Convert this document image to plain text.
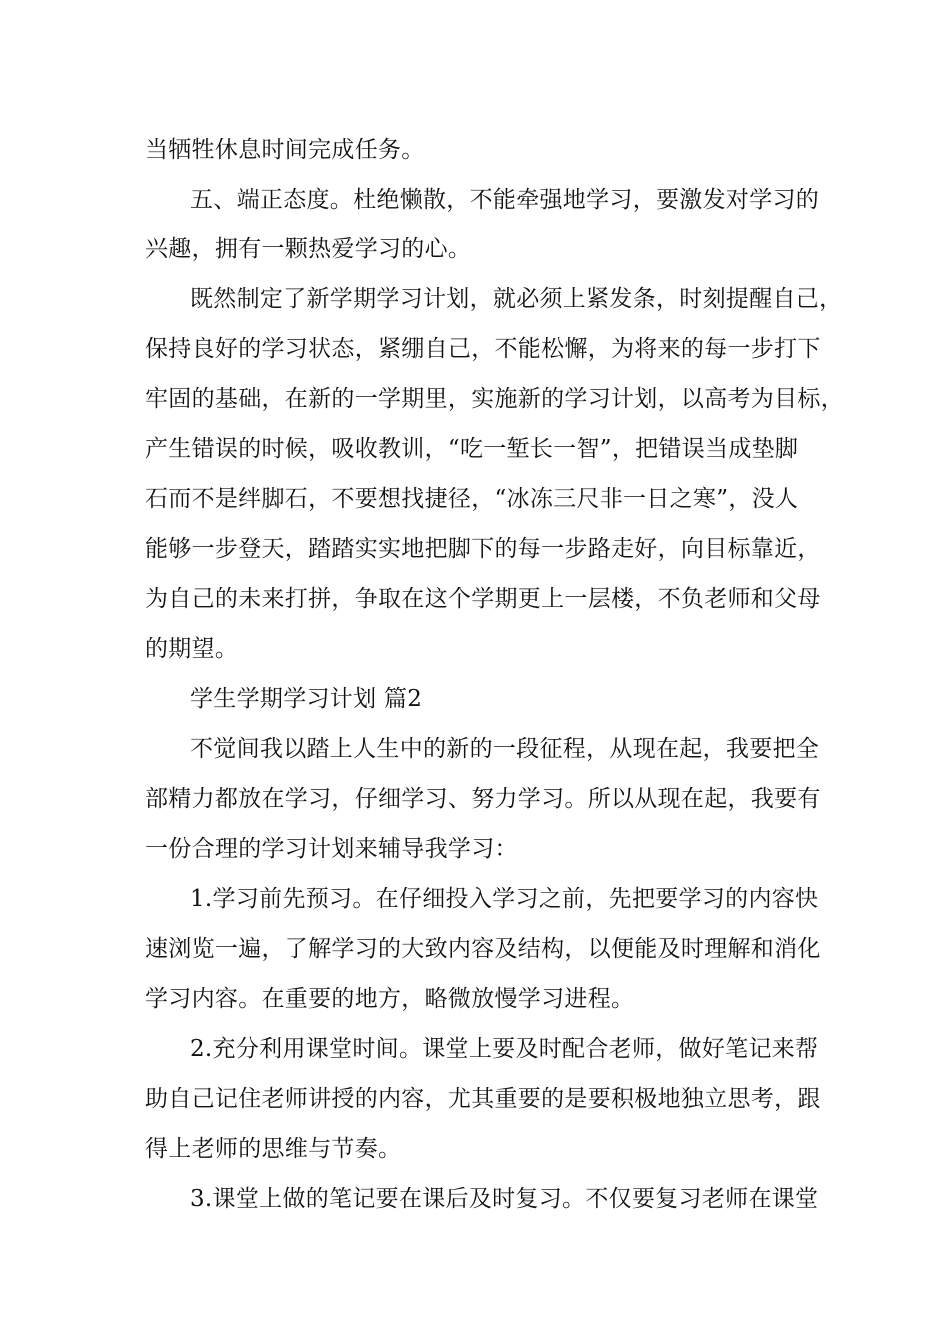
当牺牲休息时间完成任务。

五、端正态度。杜绝懒散，不能牵强地学习，要激发对学习的

兴趣，拥有一颗热爱学习的心。

既然制定了新学期学习计划，就必须上紧发条，时刻提醒自己，

保持良好的学习状态，紧绷自己，不能松懈，为将来的每一步打下

牢固的基础，在新的一学期里，实施新的学习计划，以高考为目标，

产生错误的时候，吸收教训，“吃一堑长一智”，把错误当成垫脚

石而不是绊脚石，不要想找捷径，“冰冻三尺非一日之寒”，没人

能够一步登天，踏踏实实地把脚下的每一步路走好，向目标靠近，

为自己的未来打拼，争取在这个学期更上一层楼，不负老师和父母

的期望。

学生学期学习计划 篇2

不觉间我以踏上人生中的新的一段征程，从现在起，我要把全

部精力都放在学习，仔细学习、努力学习。所以从现在起，我要有

一份合理的学习计划来辅导我学习：

1.学习前先预习。在仔细投入学习之前，先把要学习的内容快

速浏览一遍，了解学习的大致内容及结构，以便能及时理解和消化

学习内容。在重要的地方，略微放慢学习进程。

2.充分利用课堂时间。课堂上要及时配合老师，做好笔记来帮

助自己记住老师讲授的内容，尤其重要的是要积极地独立思考，跟

得上老师的思维与节奏。

3.课堂上做的笔记要在课后及时复习。不仅要复习老师在课堂
